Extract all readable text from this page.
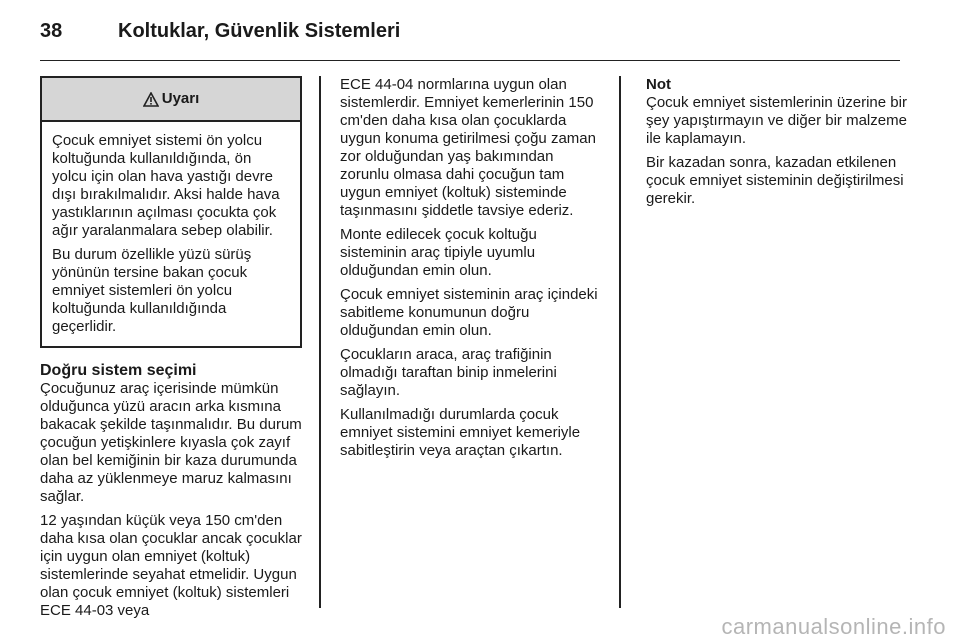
38	Koltuklar, Güvenlik Sistemleri
Uyarı

Çocuk emniyet sistemi ön yolcu koltuğunda kullanıldığında, ön yolcu için olan hava yastığı devre dışı bırakılmalıdır. Aksi halde hava yastıklarının açılması çocukta çok ağır yaralanmalara sebep olabilir.

Bu durum özellikle yüzü sürüş yönünün tersine bakan çocuk emniyet sistemleri ön yolcu koltuğunda kullanıldığında geçerlidir.

Doğru sistem seçimi

Çocuğunuz araç içerisinde mümkün olduğunca yüzü aracın arka kısmına bakacak şekilde taşınmalıdır. Bu durum çocuğun yetişkinlere kıyasla çok zayıf olan bel kemiğinin bir kaza durumunda daha az yüklenmeye maruz kalmasını sağlar.

12 yaşından küçük veya 150 cm'den daha kısa olan çocuklar ancak çocuklar için uygun olan emniyet (koltuk) sistemlerinde seyahat etmelidir. Uygun olan çocuk emniyet (koltuk) sistemleri ECE 44-03 veya

ECE 44-04 normlarına uygun olan sistemlerdir. Emniyet kemerlerinin 150 cm'den daha kısa olan çocuklarda uygun konuma getirilmesi çoğu zaman zor olduğundan yaş bakımından zorunlu olmasa dahi çocuğun tam uygun emniyet (koltuk) sisteminde taşınmasını şiddetle tavsiye ederiz.

Monte edilecek çocuk koltuğu sisteminin araç tipiyle uyumlu olduğundan emin olun.

Çocuk emniyet sisteminin araç içindeki sabitleme konumunun doğru olduğundan emin olun.

Çocukların araca, araç trafiğinin olmadığı taraftan binip inmelerini sağlayın.

Kullanılmadığı durumlarda çocuk emniyet sistemini emniyet kemeriyle sabitleştirin veya araçtan çıkartın.

Not

Çocuk emniyet sistemlerinin üzerine bir şey yapıştırmayın ve diğer bir malzeme ile kaplamayın.

Bir kazadan sonra, kazadan etkilenen çocuk emniyet sisteminin değiştirilmesi gerekir.

carmanualsonline.info
